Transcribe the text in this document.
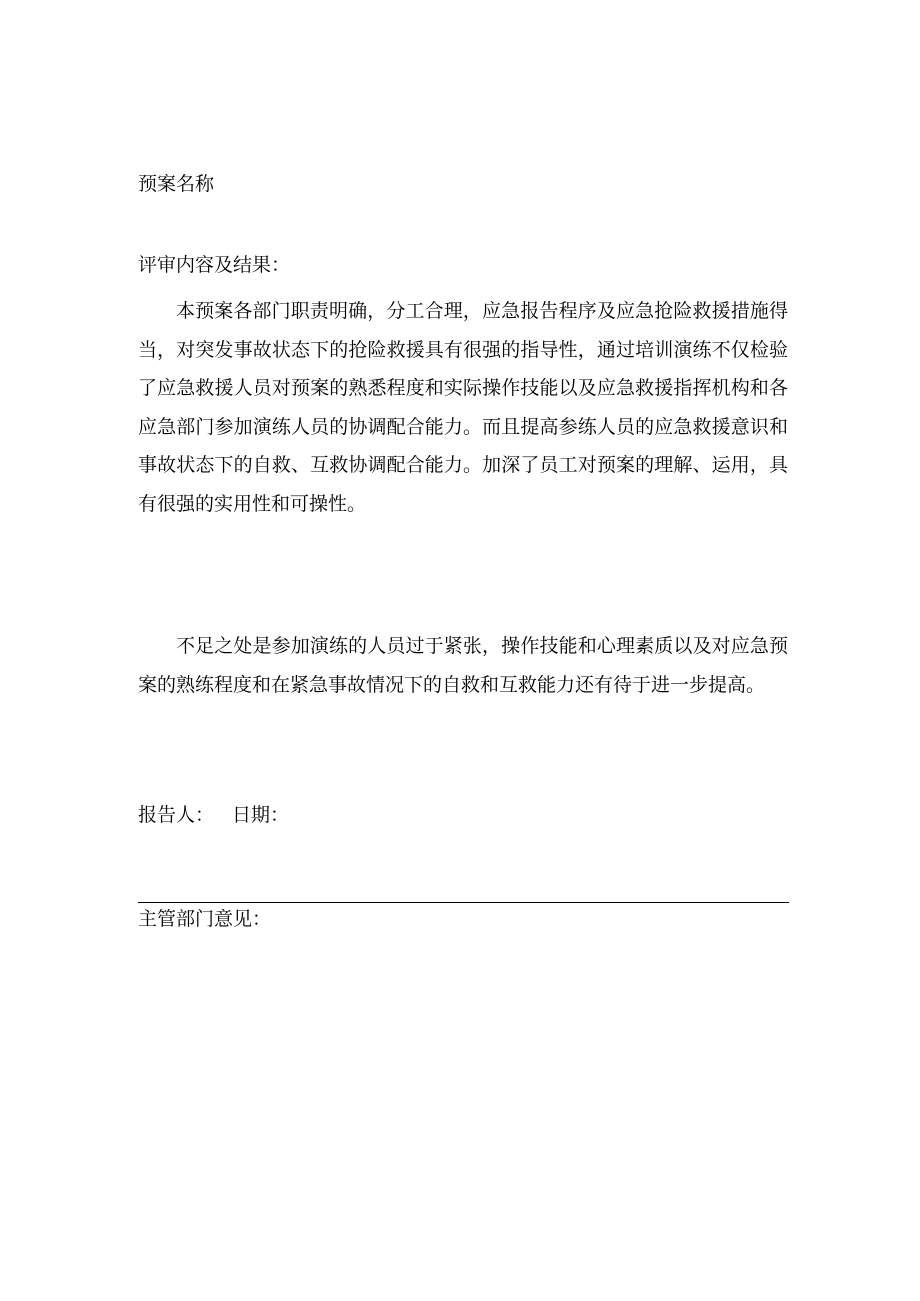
预案名称
评审内容及结果：

本预案各部门职责明确，分工合理，应急报告程序及应急抢险救援措施得当，对突发事故状态下的抢险救援具有很强的指导性，通过培训演练不仅检验了应急救援人员对预案的熟悉程度和实际操作技能以及应急救援指挥机构和各应急部门参加演练人员的协调配合能力。而且提高参练人员的应急救援意识和事故状态下的自救、互救协调配合能力。加深了员工对预案的理解、运用，具有很强的实用性和可操性。

不足之处是参加演练的人员过于紧张，操作技能和心理素质以及对应急预案的熟练程度和在紧急事故情况下的自救和互救能力还有待于进一步提高。

报告人： 日期：
主管部门意见：
